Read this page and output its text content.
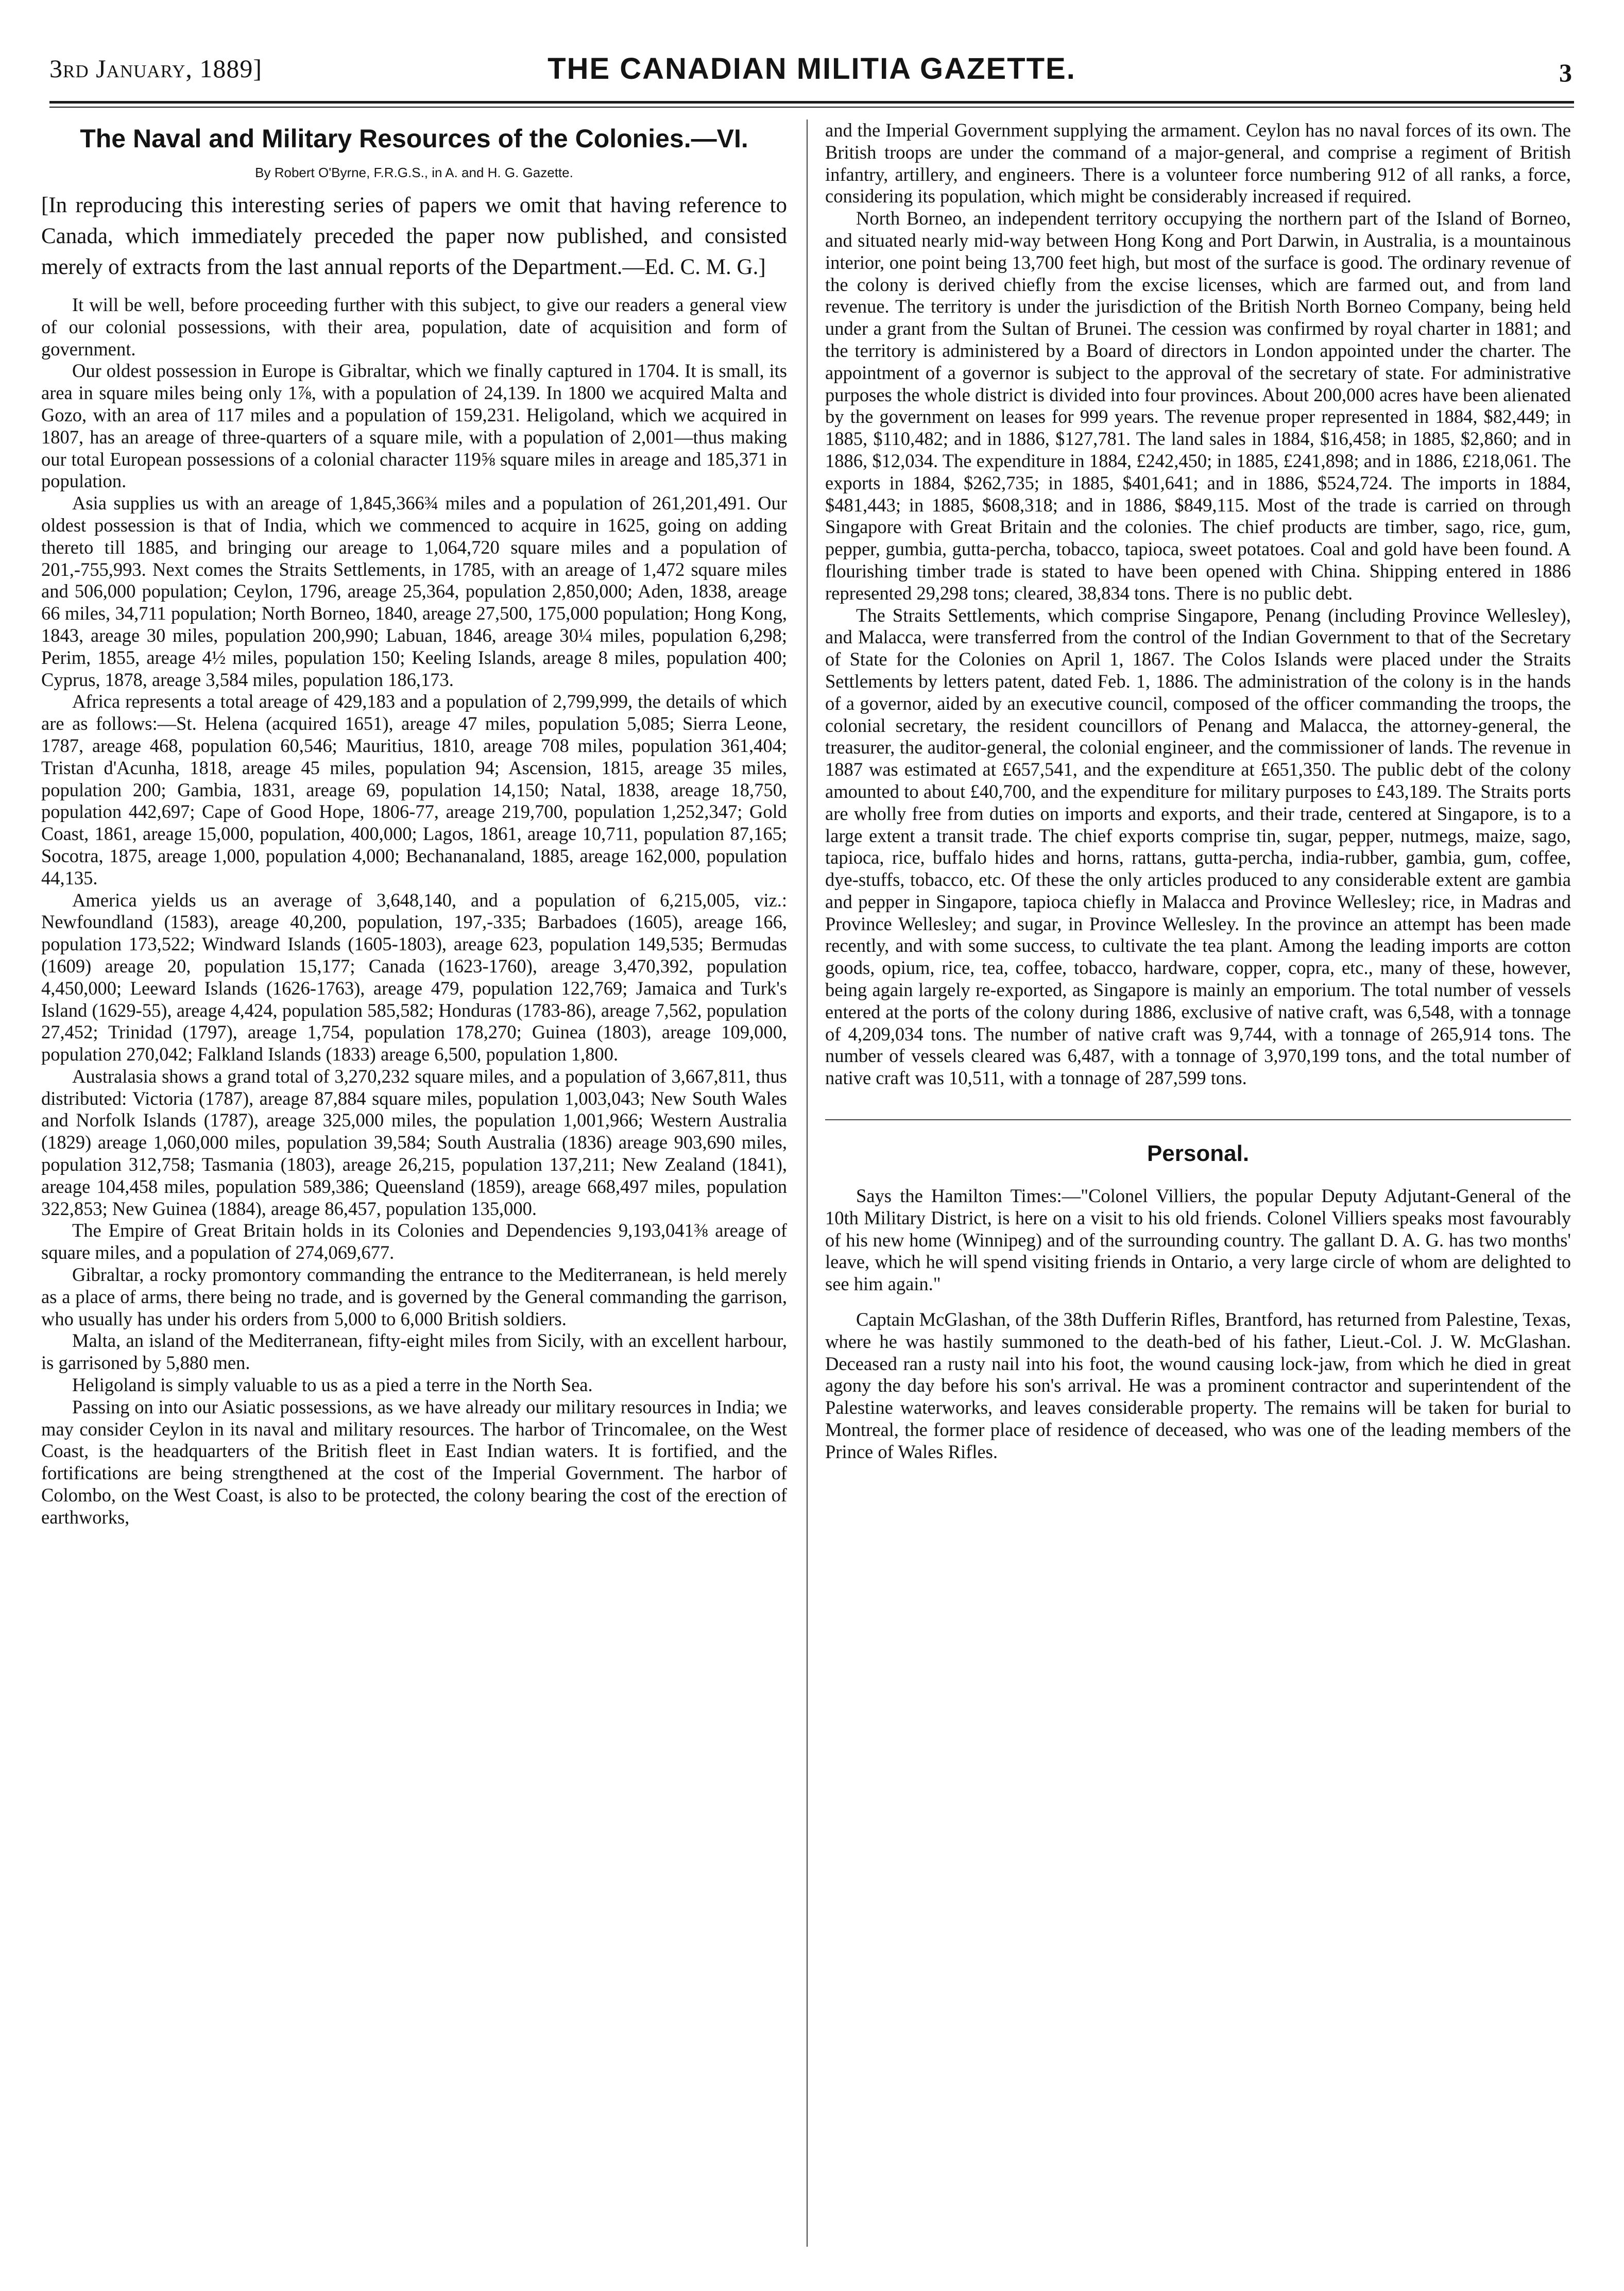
3rd January, 1889]	THE CANADIAN MILITIA GAZETTE.	3
The Naval and Military Resources of the Colonies.—VI.
By Robert O'Byrne, F.R.G.S., in A. and H. G. Gazette.
[In reproducing this interesting series of papers we omit that having reference to Canada, which immediately preceded the paper now published, and consisted merely of extracts from the last annual reports of the Department.—Ed. C. M. G.]

It will be well, before proceeding further with this subject, to give our readers a general view of our colonial possessions, with their area, population, date of acquisition and form of government.

Our oldest possession in Europe is Gibraltar, which we finally captured in 1704. It is small, its area in square miles being only 1⅞, with a population of 24,139. In 1800 we acquired Malta and Gozo, with an area of 117 miles and a population of 159,231. Heligoland, which we acquired in 1807, has an areage of three-quarters of a square mile, with a population of 2,001—thus making our total European possessions of a colonial character 119⅝ square miles in areage and 185,371 in population.

Asia supplies us with an areage of 1,845,366¾ miles and a population of 261,201,491. Our oldest possession is that of India, which we commenced to acquire in 1625, going on adding thereto till 1885, and bringing our areage to 1,064,720 square miles and a population of 201,-755,993. Next comes the Straits Settlements, in 1785, with an areage of 1,472 square miles and 506,000 population; Ceylon, 1796, areage 25,364, population 2,850,000; Aden, 1838, areage 66 miles, 34,711 population; North Borneo, 1840, areage 27,500, 175,000 population; Hong Kong, 1843, areage 30 miles, population 200,990; Labuan, 1846, areage 30¼ miles, population 6,298; Perim, 1855, areage 4½ miles, population 150; Keeling Islands, areage 8 miles, population 400; Cyprus, 1878, areage 3,584 miles, population 186,173.

Africa represents a total areage of 429,183 and a population of 2,799,999, the details of which are as follows:—St. Helena (acquired 1651), areage 47 miles, population 5,085; Sierra Leone, 1787, areage 468, population 60,546; Mauritius, 1810, areage 708 miles, population 361,404; Tristan d'Acunha, 1818, areage 45 miles, population 94; Ascension, 1815, areage 35 miles, population 200; Gambia, 1831, areage 69, population 14,150; Natal, 1838, areage 18,750, population 442,697; Cape of Good Hope, 1806-77, areage 219,700, population 1,252,347; Gold Coast, 1861, areage 15,000, population, 400,000; Lagos, 1861, areage 10,711, population 87,165; Socotra, 1875, areage 1,000, population 4,000; Bechananaland, 1885, areage 162,000, population 44,135.

America yields us an average of 3,648,140, and a population of 6,215,005, viz.: Newfoundland (1583), areage 40,200, population, 197,-335; Barbadoes (1605), areage 166, population 173,522; Windward Islands (1605-1803), areage 623, population 149,535; Bermudas (1609) areage 20, population 15,177; Canada (1623-1760), areage 3,470,392, population 4,450,000; Leeward Islands (1626-1763), areage 479, population 122,769; Jamaica and Turk's Island (1629-55), areage 4,424, population 585,582; Honduras (1783-86), areage 7,562, population 27,452; Trinidad (1797), areage 1,754, population 178,270; Guinea (1803), areage 109,000, population 270,042; Falkland Islands (1833) areage 6,500, population 1,800.

Australasia shows a grand total of 3,270,232 square miles, and a population of 3,667,811, thus distributed: Victoria (1787), areage 87,884 square miles, population 1,003,043; New South Wales and Norfolk Islands (1787), areage 325,000 miles, the population 1,001,966; Western Australia (1829) areage 1,060,000 miles, population 39,584; South Australia (1836) areage 903,690 miles, population 312,758; Tasmania (1803), areage 26,215, population 137,211; New Zealand (1841), areage 104,458 miles, population 589,386; Queensland (1859), areage 668,497 miles, population 322,853; New Guinea (1884), areage 86,457, population 135,000.

The Empire of Great Britain holds in its Colonies and Dependencies 9,193,041⅜ areage of square miles, and a population of 274,069,677.

Gibraltar, a rocky promontory commanding the entrance to the Mediterranean, is held merely as a place of arms, there being no trade, and is governed by the General commanding the garrison, who usually has under his orders from 5,000 to 6,000 British soldiers.

Malta, an island of the Mediterranean, fifty-eight miles from Sicily, with an excellent harbour, is garrisoned by 5,880 men.

Heligoland is simply valuable to us as a pied a terre in the North Sea.

Passing on into our Asiatic possessions, as we have already our military resources in India; we may consider Ceylon in its naval and military resources. The harbor of Trincomalee, on the West Coast, is the headquarters of the British fleet in East Indian waters. It is fortified, and the fortifications are being strengthened at the cost of the Imperial Government. The harbor of Colombo, on the West Coast, is also to be protected, the colony bearing the cost of the erection of earthworks,

and the Imperial Government supplying the armament. Ceylon has no naval forces of its own. The British troops are under the command of a major-general, and comprise a regiment of British infantry, artillery, and engineers. There is a volunteer force numbering 912 of all ranks, a force, considering its population, which might be considerably increased if required.

North Borneo, an independent territory occupying the northern part of the Island of Borneo, and situated nearly mid-way between Hong Kong and Port Darwin, in Australia, is a mountainous interior, one point being 13,700 feet high, but most of the surface is good. The ordinary revenue of the colony is derived chiefly from the excise licenses, which are farmed out, and from land revenue. The territory is under the jurisdiction of the British North Borneo Company, being held under a grant from the Sultan of Brunei. The cession was confirmed by royal charter in 1881; and the territory is administered by a Board of directors in London appointed under the charter. The appointment of a governor is subject to the approval of the secretary of state. For administrative purposes the whole district is divided into four provinces. About 200,000 acres have been alienated by the government on leases for 999 years. The revenue proper represented in 1884, $82,449; in 1885, $110,482; and in 1886, $127,781. The land sales in 1884, $16,458; in 1885, $2,860; and in 1886, $12,034. The expenditure in 1884, £242,450; in 1885, £241,898; and in 1886, £218,061. The exports in 1884, $262,735; in 1885, $401,641; and in 1886, $524,724. The imports in 1884, $481,443; in 1885, $608,318; and in 1886, $849,115. Most of the trade is carried on through Singapore with Great Britain and the colonies. The chief products are timber, sago, rice, gum, pepper, gumbia, gutta-percha, tobacco, tapioca, sweet potatoes. Coal and gold have been found. A flourishing timber trade is stated to have been opened with China. Shipping entered in 1886 represented 29,298 tons; cleared, 38,834 tons. There is no public debt.

The Straits Settlements, which comprise Singapore, Penang (including Province Wellesley), and Malacca, were transferred from the control of the Indian Government to that of the Secretary of State for the Colonies on April 1, 1867. The Colos Islands were placed under the Straits Settlements by letters patent, dated Feb. 1, 1886. The administration of the colony is in the hands of a governor, aided by an executive council, composed of the officer commanding the troops, the colonial secretary, the resident councillors of Penang and Malacca, the attorney-general, the treasurer, the auditor-general, the colonial engineer, and the commissioner of lands. The revenue in 1887 was estimated at £657,541, and the expenditure at £651,350. The public debt of the colony amounted to about £40,700, and the expenditure for military purposes to £43,189. The Straits ports are wholly free from duties on imports and exports, and their trade, centered at Singapore, is to a large extent a transit trade. The chief exports comprise tin, sugar, pepper, nutmegs, maize, sago, tapioca, rice, buffalo hides and horns, rattans, gutta-percha, india-rubber, gambia, gum, coffee, dye-stuffs, tobacco, etc. Of these the only articles produced to any considerable extent are gambia and pepper in Singapore, tapioca chiefly in Malacca and Province Wellesley; rice, in Madras and Province Wellesley; and sugar, in Province Wellesley. In the province an attempt has been made recently, and with some success, to cultivate the tea plant. Among the leading imports are cotton goods, opium, rice, tea, coffee, tobacco, hardware, copper, copra, etc., many of these, however, being again largely re-exported, as Singapore is mainly an emporium. The total number of vessels entered at the ports of the colony during 1886, exclusive of native craft, was 6,548, with a tonnage of 4,209,034 tons. The number of native craft was 9,744, with a tonnage of 265,914 tons. The number of vessels cleared was 6,487, with a tonnage of 3,970,199 tons, and the total number of native craft was 10,511, with a tonnage of 287,599 tons.

Personal.

Says the Hamilton Times:—"Colonel Villiers, the popular Deputy Adjutant-General of the 10th Military District, is here on a visit to his old friends. Colonel Villiers speaks most favourably of his new home (Winnipeg) and of the surrounding country. The gallant D. A. G. has two months' leave, which he will spend visiting friends in Ontario, a very large circle of whom are delighted to see him again."

Captain McGlashan, of the 38th Dufferin Rifles, Brantford, has returned from Palestine, Texas, where he was hastily summoned to the death-bed of his father, Lieut.-Col. J. W. McGlashan. Deceased ran a rusty nail into his foot, the wound causing lock-jaw, from which he died in great agony the day before his son's arrival. He was a prominent contractor and superintendent of the Palestine waterworks, and leaves considerable property. The remains will be taken for burial to Montreal, the former place of residence of deceased, who was one of the leading members of the Prince of Wales Rifles.
